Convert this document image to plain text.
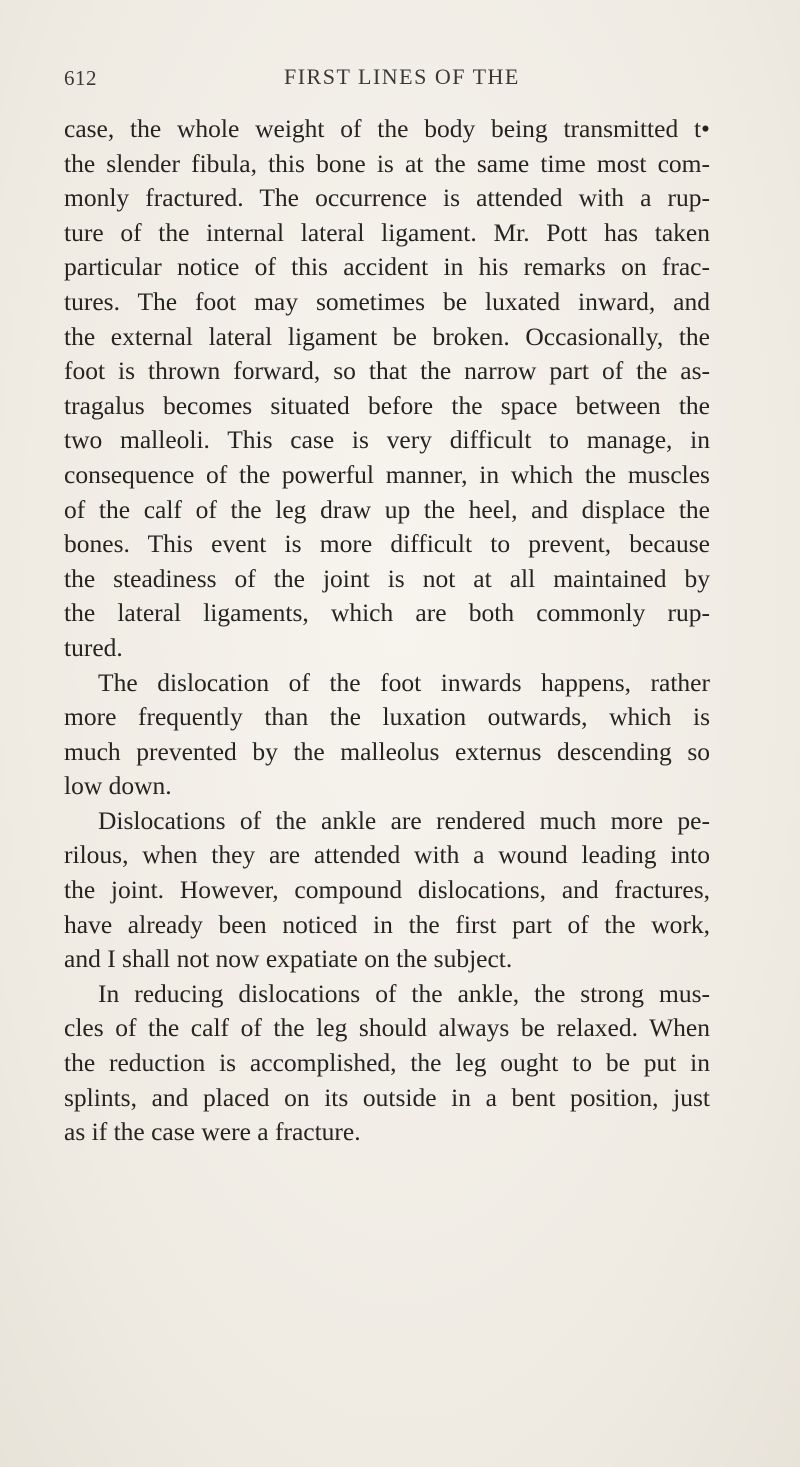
612	FIRST LINES OF THE
case, the whole weight of the body being transmitted t•
the slender fibula, this bone is at the same time most com-
monly fractured. The occurrence is attended with a rup-
ture of the internal lateral ligament. Mr. Pott has taken
particular notice of this accident in his remarks on frac-
tures. The foot may sometimes be luxated inward, and
the external lateral ligament be broken. Occasionally, the
foot is thrown forward, so that the narrow part of the as-
tragalus becomes situated before the space between the
two malleoli. This case is very difficult to manage, in
consequence of the powerful manner, in which the muscles
of the calf of the leg draw up the heel, and displace the
bones. This event is more difficult to prevent, because
the steadiness of the joint is not at all maintained by
the lateral ligaments, which are both commonly rup-
tured.
The dislocation of the foot inwards happens, rather
more frequently than the luxation outwards, which is
much prevented by the malleolus externus descending so
low down.
Dislocations of the ankle are rendered much more pe-
rilous, when they are attended with a wound leading into
the joint. However, compound dislocations, and fractures,
have already been noticed in the first part of the work,
and I shall not now expatiate on the subject.
In reducing dislocations of the ankle, the strong mus-
cles of the calf of the leg should always be relaxed. When
the reduction is accomplished, the leg ought to be put in
splints, and placed on its outside in a bent position, just
as if the case were a fracture.
